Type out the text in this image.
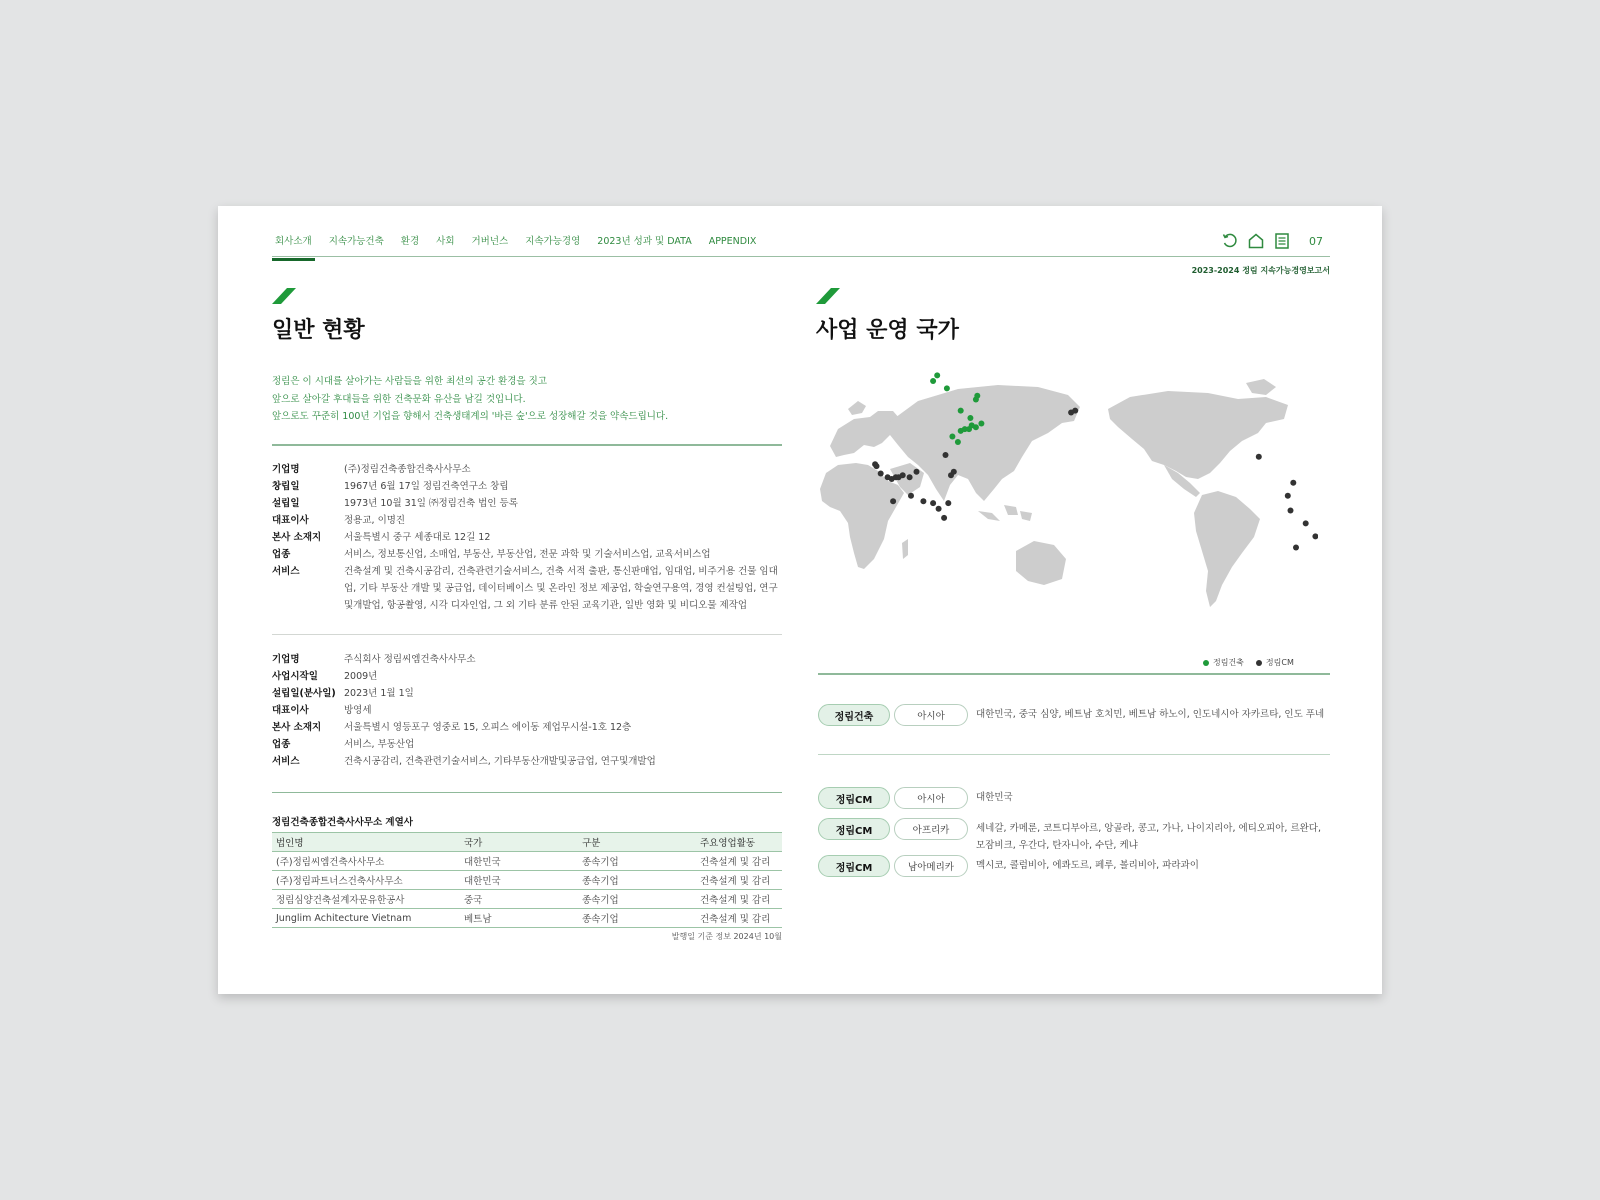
회사소개	지속가능건축	환경	사회	거버넌스	지속가능경영	2023년 성과 및 DATA	APPENDIX	07
2023-2024 정림 지속가능경영보고서
일반 현황
정림은 이 시대를 살아가는 사람들을 위한 최선의 공간 환경을 짓고
앞으로 살아갈 후대들을 위한 건축문화 유산을 남길 것입니다.
앞으로도 꾸준히 100년 기업을 향해서 건축생태계의 '바른 숲'으로 성장해갈 것을 약속드립니다.
기업명	(주)정림건축종합건축사사무소
창립일	1967년 6월 17일 정림건축연구소 창립
설립일	1973년 10월 31일 ㈜정림건축 법인 등록
대표이사	정용교, 이명진
본사 소재지	서울특별시 중구 세종대로 12길 12
업종	서비스, 정보통신업, 소매업, 부동산, 부동산업, 전문 과학 및 기술서비스업, 교육서비스업
서비스	건축설계 및 건축시공감리, 건축관련기술서비스, 건축 서적 출판, 통신판매업, 임대업, 비주거용 건물 임대업, 기타 부동산 개발 및 공급업, 데이터베이스 및 온라인 정보 제공업, 학술연구용역, 경영 컨설팅업, 연구및개발업, 항공촬영, 시각 디자인업, 그 외 기타 분류 안된 교육기관, 일반 영화 및 비디오물 제작업
기업명	주식회사 정림씨엠건축사사무소
사업시작일	2009년
설립일(분사일) 2023년 1월 1일
대표이사	방영세
본사 소재지	서울특별시 영등포구 영중로 15, 오피스 에이동 제업무시설-1호 12층
업종	서비스, 부동산업
서비스	건축시공감리, 건축관련기술서비스, 기타부동산개발및공급업, 연구및개발업
정림건축종합건축사사무소 계열사
법인명	국가	구분	주요영업활동
(주)정림씨엠건축사사무소	대한민국	종속기업	건축설계 및 감리
(주)정림파트너스건축사사무소	대한민국	종속기업	건축설계 및 감리
정림심양건축설계자문유한공사	중국	종속기업	건축설계 및 감리
Junglim Achitecture Vietnam	베트남	종속기업	건축설계 및 감리
발행일 기준 정보 2024년 10월
사업 운영 국가
정림건축	정림CM
정림건축	아시아	대한민국, 중국 심양, 베트남 호치민, 베트남 하노이, 인도네시아 자카르타, 인도 푸네
정림CM	아시아	대한민국
정림CM	아프리카	세네갈, 카메룬, 코트디부아르, 앙골라, 콩고, 가나, 나이지리아, 에티오피아, 르완다, 모잠비크, 우간다, 탄자니아, 수단, 케냐
정림CM	남아메리카	멕시코, 콜럼비아, 에콰도르, 페루, 볼리비아, 파라과이
